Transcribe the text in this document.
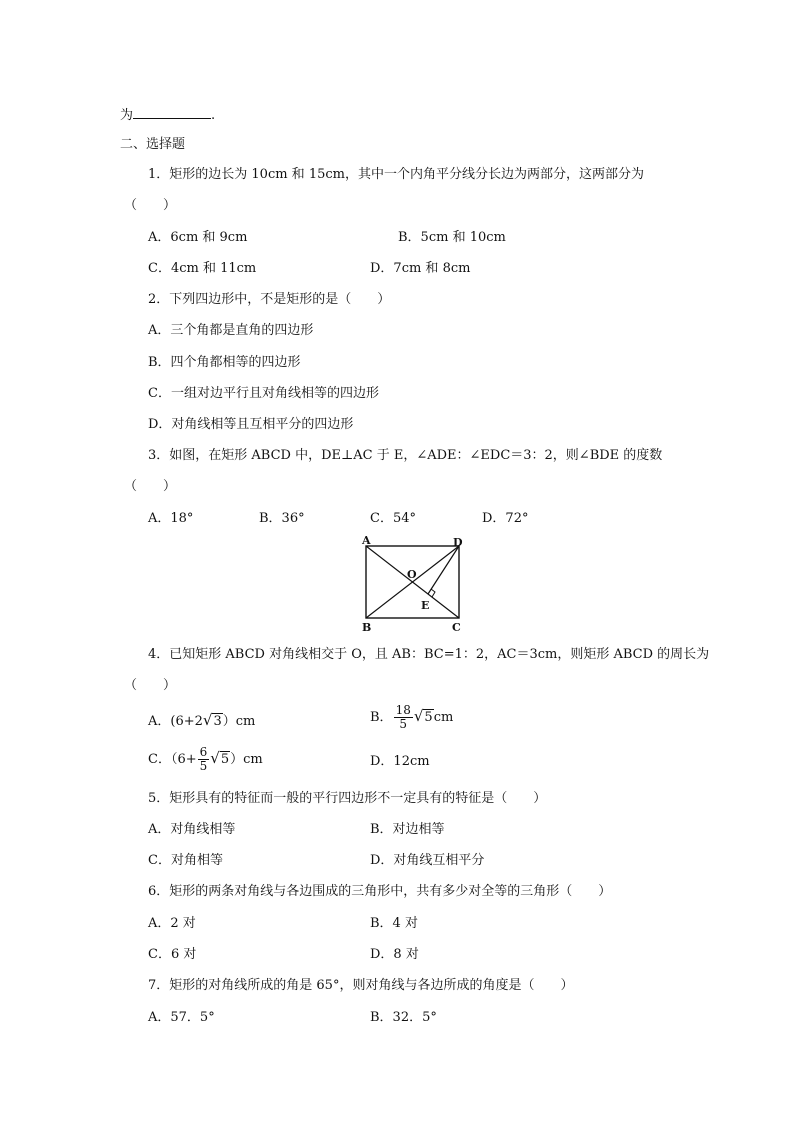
为	.
二、选择题
1．矩形的边长为 10cm 和 15cm，其中一个内角平分线分长边为两部分，这两部分为
（　　）
A．6cm 和 9cm	B．5cm 和 10cm
C．4cm 和 11cm	D．7cm 和 8cm
2．下列四边形中，不是矩形的是（　　）
A．三个角都是直角的四边形
B．四个角都相等的四边形
C．一组对边平行且对角线相等的四边形
D．对角线相等且互相平分的四边形
3．如图，在矩形 ABCD 中，DE⊥AC 于 E，∠ADE：∠EDC＝3：2，则∠BDE 的度数
（　　）
A．18°	B．36°	C．54°	D．72°
A	D
B	C
O
E
4．已知矩形 ABCD 对角线相交于 O，且 AB：BC=1：2，AC＝3cm，则矩形 ABCD 的周长为
（　　）
A．(6+2√3）cm	B． $\frac{18}{5} √5cm$
C．$(6+ \frac{6}{5} √5)cm$	D．12cm
5．矩形具有的特征而一般的平行四边形不一定具有的特征是（　　）
A．对角线相等	B．对边相等
C．对角相等	D．对角线互相平分
6．矩形的两条对角线与各边围成的三角形中，共有多少对全等的三角形（　　）
A．2 对	B．4 对
C．6 对	D．8 对
7．矩形的对角线所成的角是 65°，则对角线与各边所成的角度是（　　）
A．57．5°	B．32．5°
